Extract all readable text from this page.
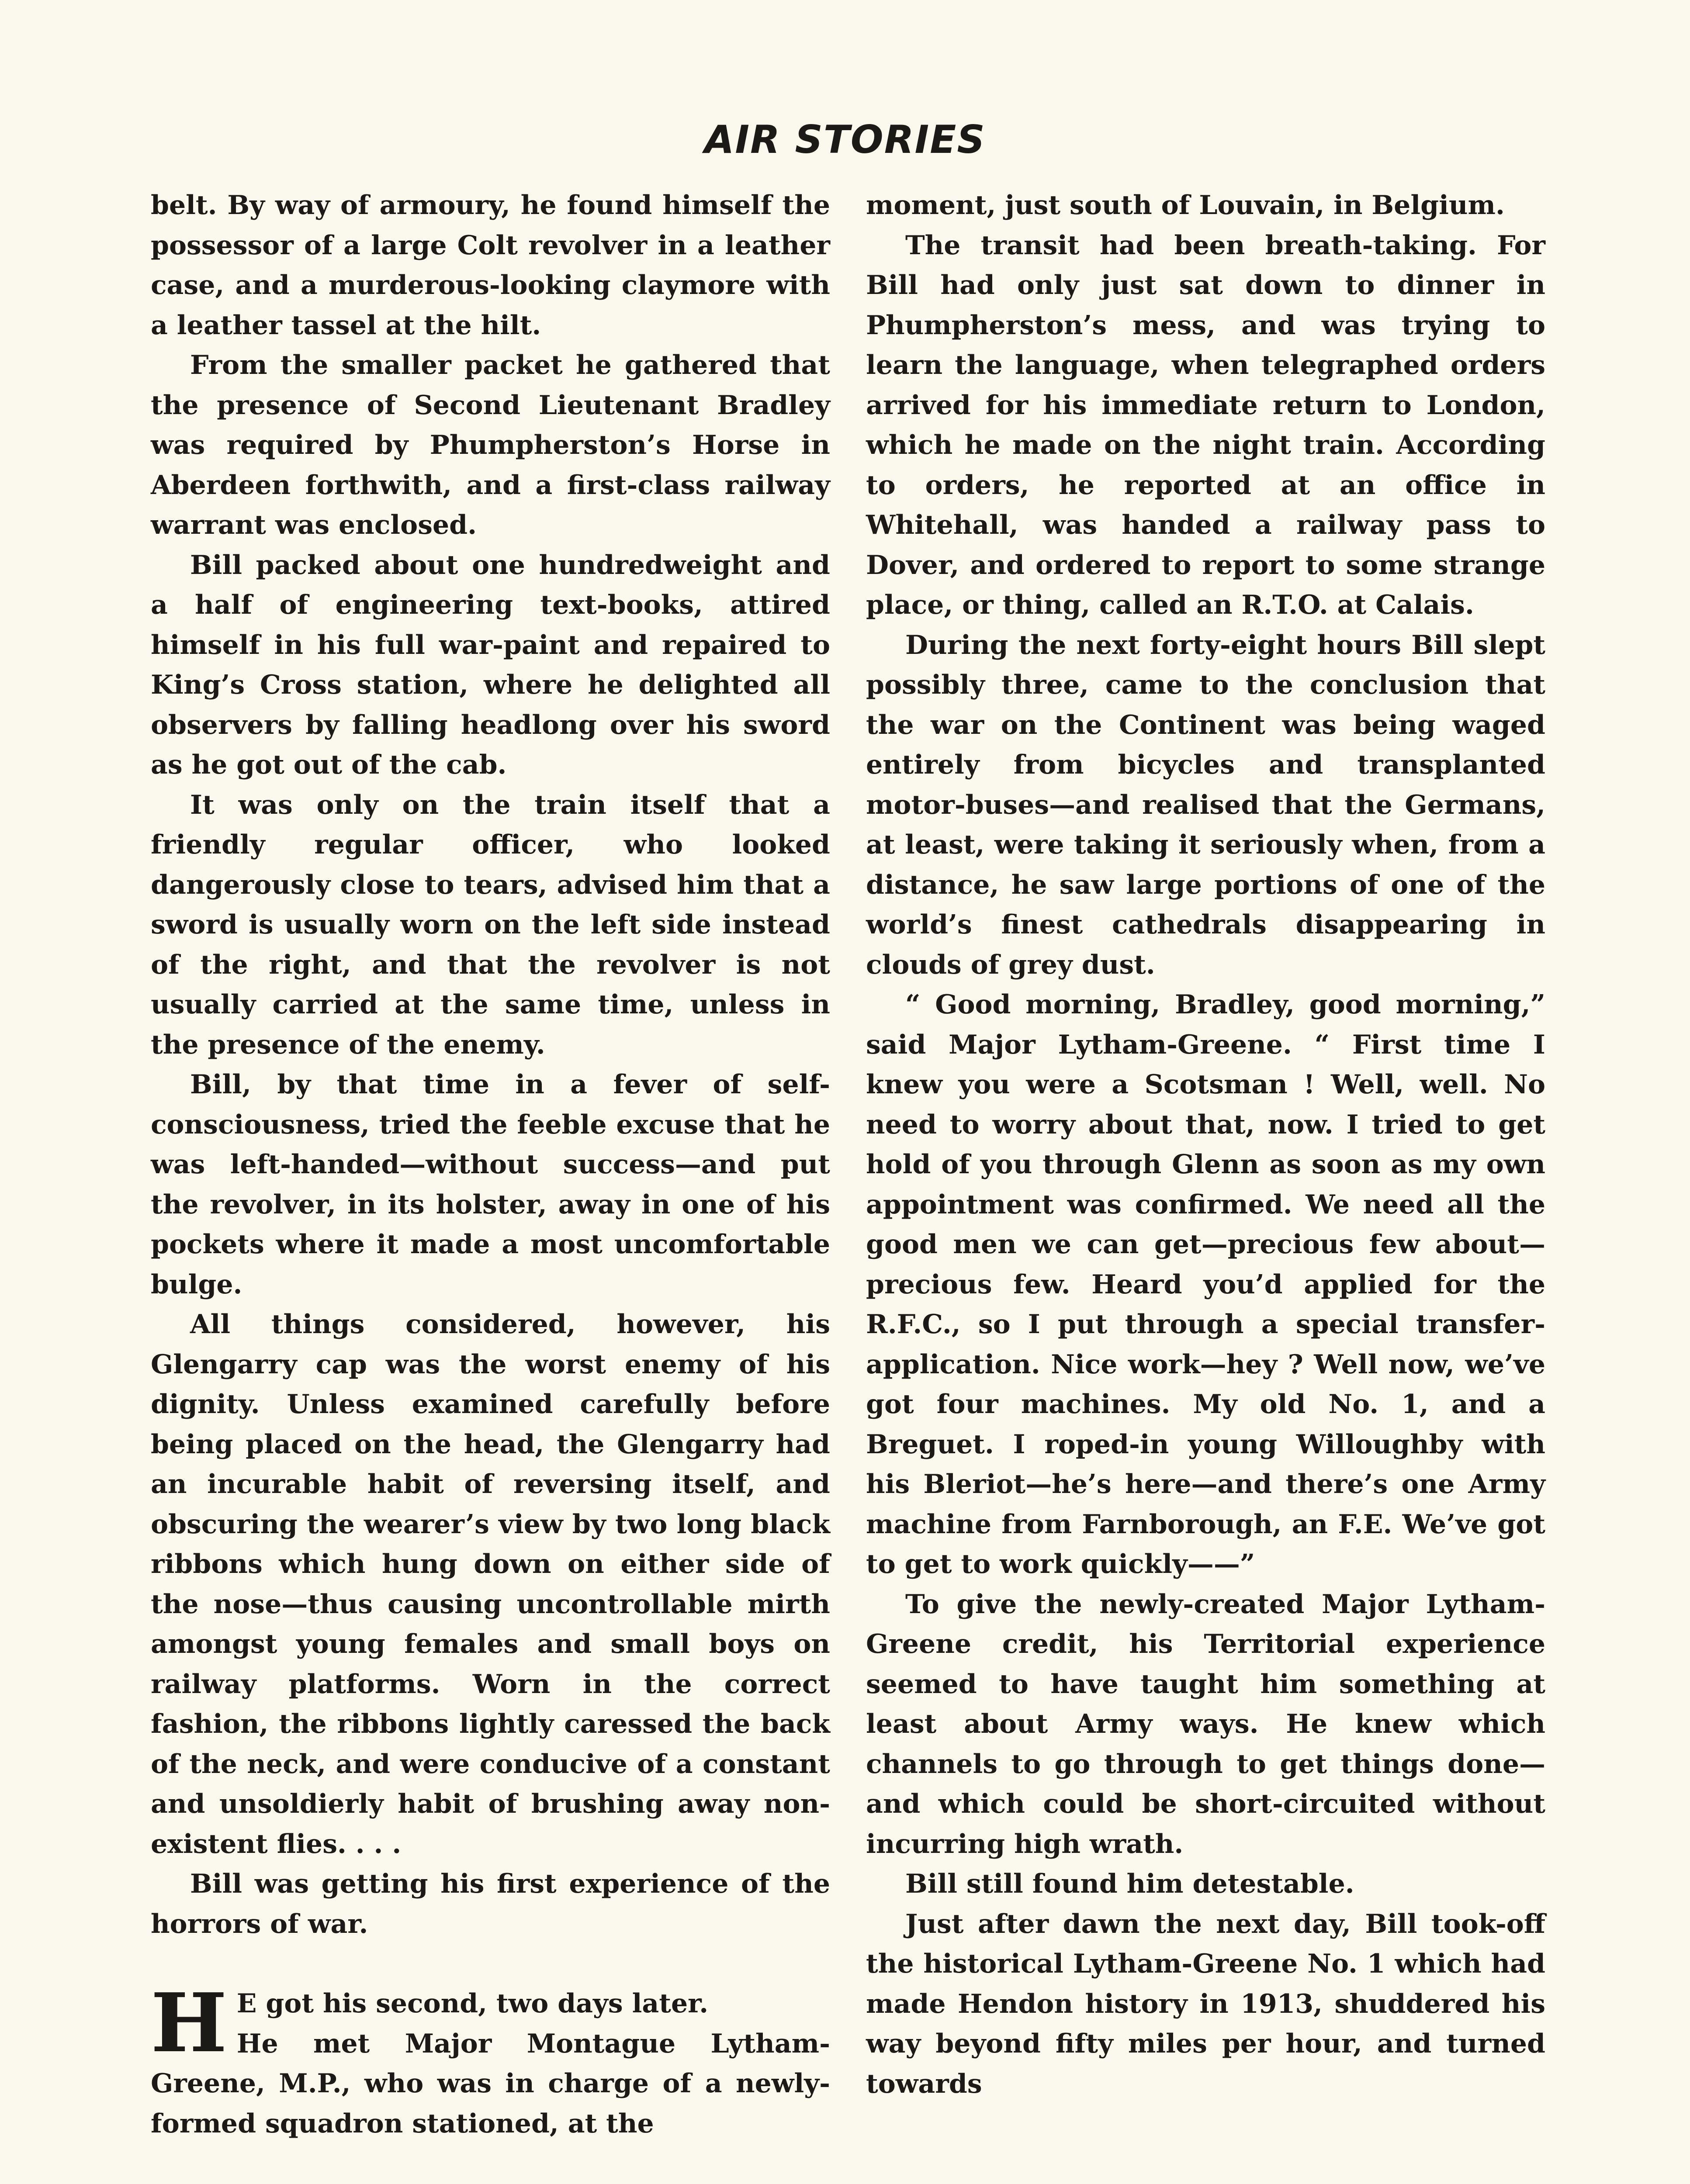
AIR STORIES

belt. By way of armoury, he found himself the possessor of a large Colt revolver in a leather case, and a murderous-looking claymore with a leather tassel at the hilt.

From the smaller packet he gathered that the presence of Second Lieutenant Bradley was required by Phumpherston’s Horse in Aberdeen forthwith, and a first-class railway warrant was enclosed.

Bill packed about one hundredweight and a half of engineering text-books, attired himself in his full war-paint and repaired to King’s Cross station, where he delighted all observers by falling headlong over his sword as he got out of the cab.

It was only on the train itself that a friendly regular officer, who looked dangerously close to tears, advised him that a sword is usually worn on the left side instead of the right, and that the revolver is not usually carried at the same time, unless in the presence of the enemy.

Bill, by that time in a fever of self-consciousness, tried the feeble excuse that he was left-handed—without success—and put the revolver, in its holster, away in one of his pockets where it made a most uncomfortable bulge.

All things considered, however, his Glengarry cap was the worst enemy of his dignity. Unless examined carefully before being placed on the head, the Glengarry had an incurable habit of reversing itself, and obscuring the wearer’s view by two long black ribbons which hung down on either side of the nose—thus causing uncontrollable mirth amongst young females and small boys on railway platforms. Worn in the correct fashion, the ribbons lightly caressed the back of the neck, and were conducive of a constant and unsoldierly habit of brushing away non-existent flies. . . .

Bill was getting his first experience of the horrors of war.

H E got his second, two days later.
He met Major Montague Lytham-Greene, M.P., who was in charge of a newly-formed squadron stationed, at the

moment, just south of Louvain, in Belgium.

The transit had been breath-taking. For Bill had only just sat down to dinner in Phumpherston’s mess, and was trying to learn the language, when telegraphed orders arrived for his immediate return to London, which he made on the night train. According to orders, he reported at an office in Whitehall, was handed a railway pass to Dover, and ordered to report to some strange place, or thing, called an R.T.O. at Calais.

During the next forty-eight hours Bill slept possibly three, came to the conclusion that the war on the Continent was being waged entirely from bicycles and transplanted motor-buses—and realised that the Germans, at least, were taking it seriously when, from a distance, he saw large portions of one of the world’s finest cathedrals disappearing in clouds of grey dust.

“ Good morning, Bradley, good morning,” said Major Lytham-Greene. “ First time I knew you were a Scotsman ! Well, well. No need to worry about that, now. I tried to get hold of you through Glenn as soon as my own appointment was confirmed. We need all the good men we can get—precious few about—precious few. Heard you’d applied for the R.F.C., so I put through a special transfer-application. Nice work—hey ? Well now, we’ve got four machines. My old No. 1, and a Breguet. I roped-in young Willoughby with his Bleriot—he’s here—and there’s one Army machine from Farnborough, an F.E. We’ve got to get to work quickly——”

To give the newly-created Major Lytham-Greene credit, his Territorial experience seemed to have taught him something at least about Army ways. He knew which channels to go through to get things done—and which could be short-circuited without incurring high wrath.

Bill still found him detestable.

Just after dawn the next day, Bill took-off the historical Lytham-Greene No. 1 which had made Hendon history in 1913, shuddered his way beyond fifty miles per hour, and turned towards
